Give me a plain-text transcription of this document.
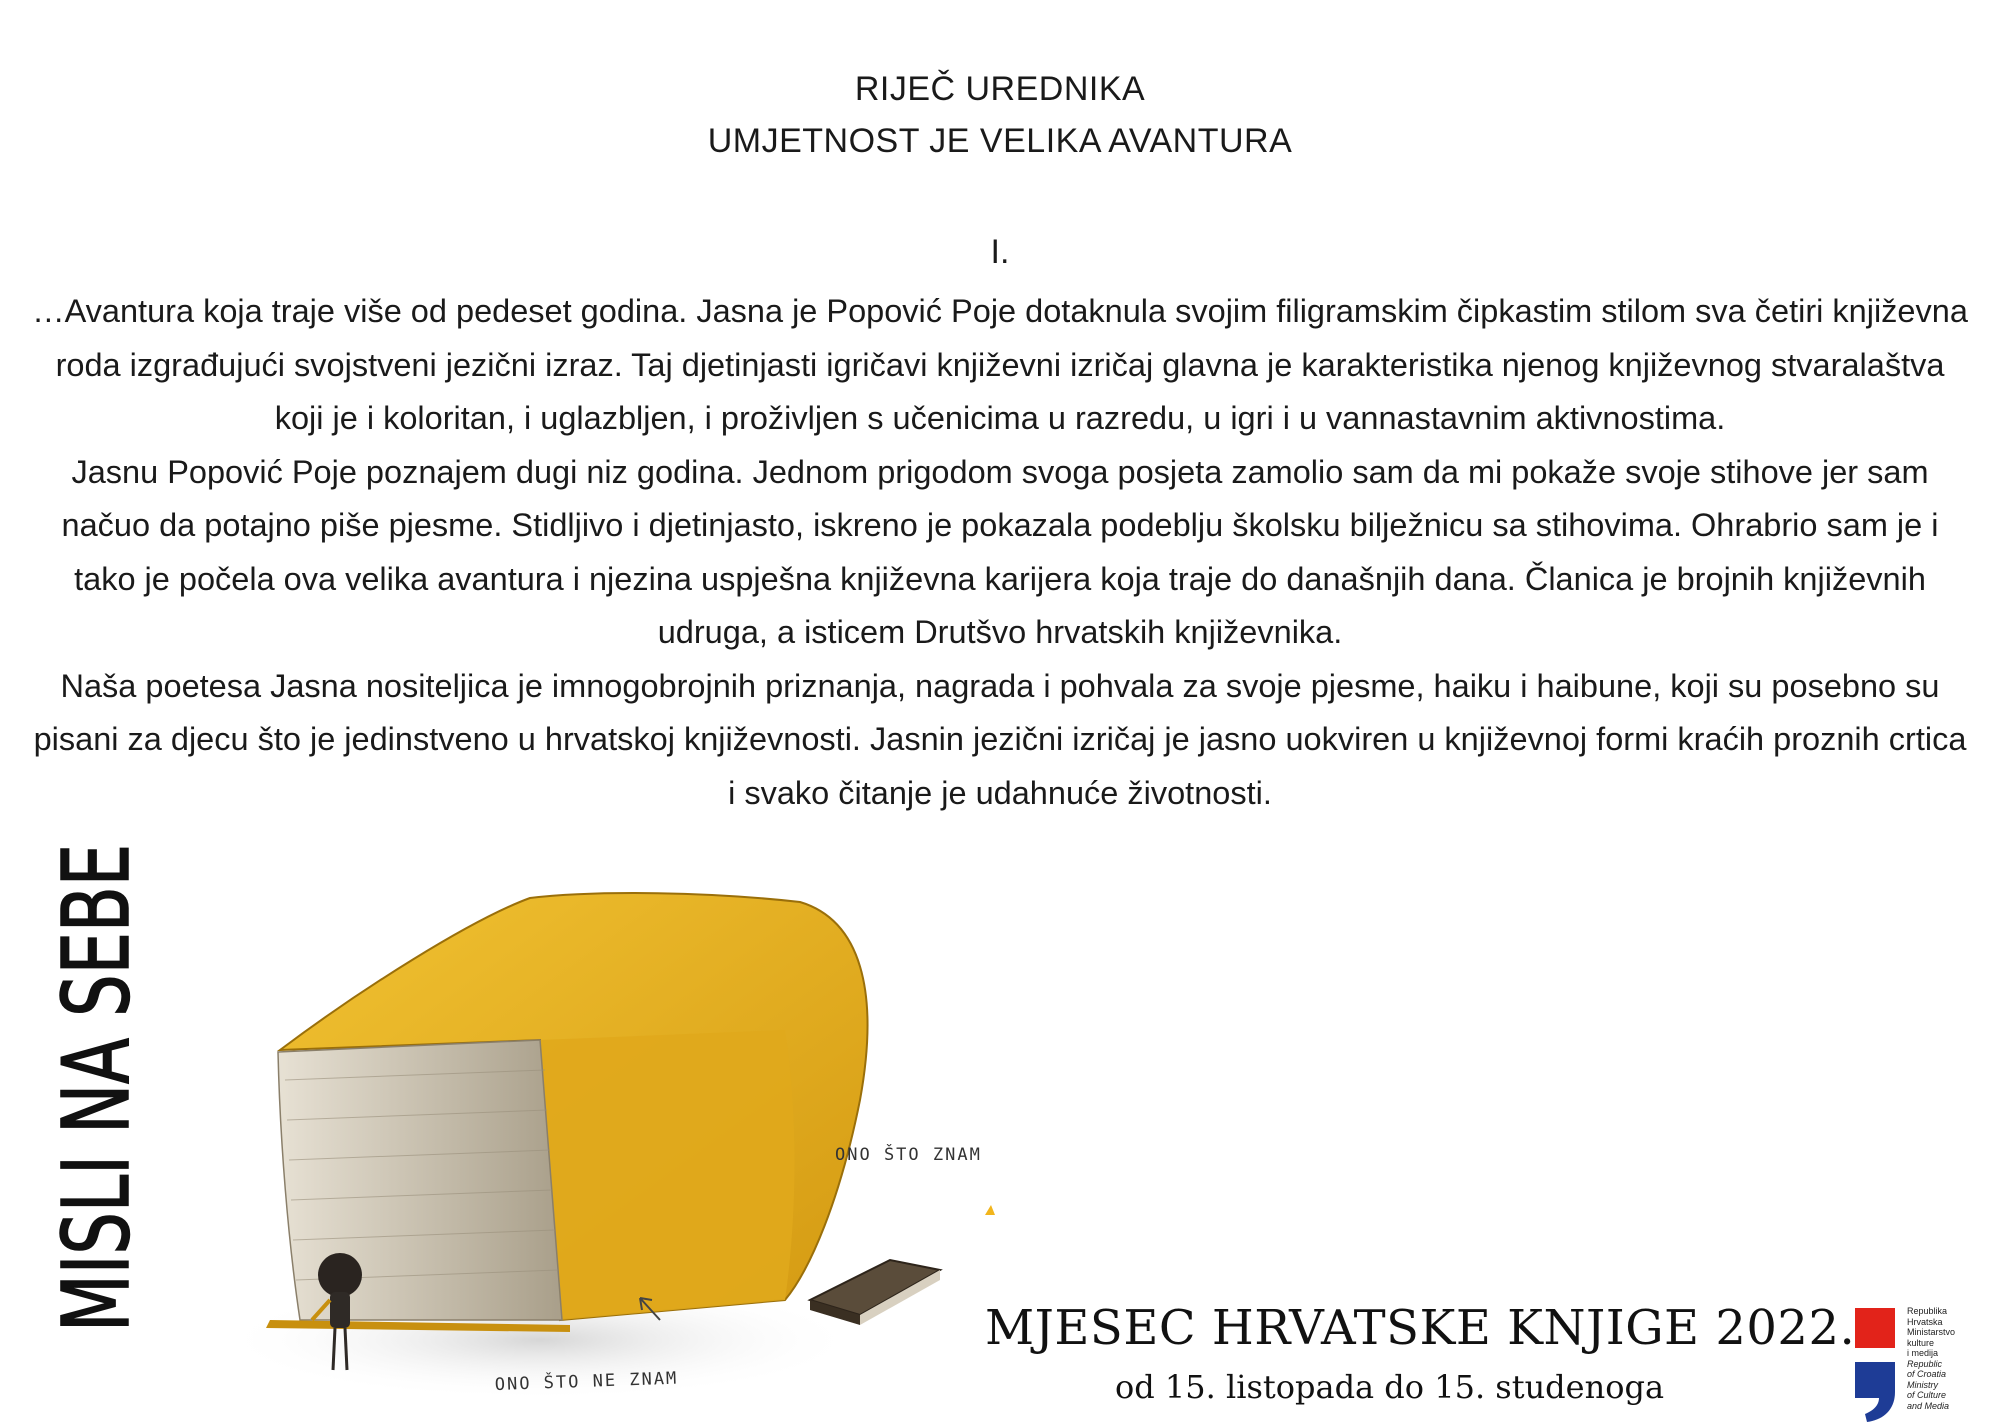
RIJEČ UREDNIKA
UMJETNOST JE VELIKA AVANTURA
I.

…Avantura koja traje više od pedeset godina. Jasna je Popović Poje dotaknula svojim filigramskim čipkastim stilom sva četiri književna roda izgrađujući svojstveni jezični izraz. Taj djetinjasti igričavi književni izričaj glavna je karakteristika njenog književnog stvaralaštva koji je i koloritan, i uglazbljen, i proživljen s učenicima u razredu, u igri i u vannastavnim aktivnostima.

Jasnu Popović Poje poznajem dugi niz godina. Jednom prigodom svoga posjeta zamolio sam da mi pokaže svoje stihove jer sam načuo da potajno piše pjesme. Stidljivo i djetinjasto, iskreno je pokazala podeblju školsku bilježnicu sa stihovima. Ohrabrio sam je i tako je počela ova velika avantura i njezina uspješna književna karijera koja traje do današnjih dana. Članica je brojnih književnih udruga, a isticem Drutšvo hrvatskih književnika.

Naša poetesa Jasna nositeljica je imnogobrojnih priznanja, nagrada i pohvala za svoje pjesme, haiku i haibune, koji su posebno su pisani za djecu što je jedinstveno u hrvatskoj književnosti. Jasnin jezični izričaj je jasno uokviren u književnoj formi kraćih proznih crtica i svako čitanje je udahnuće životnosti.

MISLI NA SEBE	ONO ŠTO ZNAM
ONO ŠTO NE ZNAM
MJESEC HRVATSKE KNJIGE 2022.
od 15. listopada do 15. studenoga
Republika
Hrvatska
Ministarstvo
kulture
i medija
Republic
of Croatia
Ministry
of Culture
and Media
